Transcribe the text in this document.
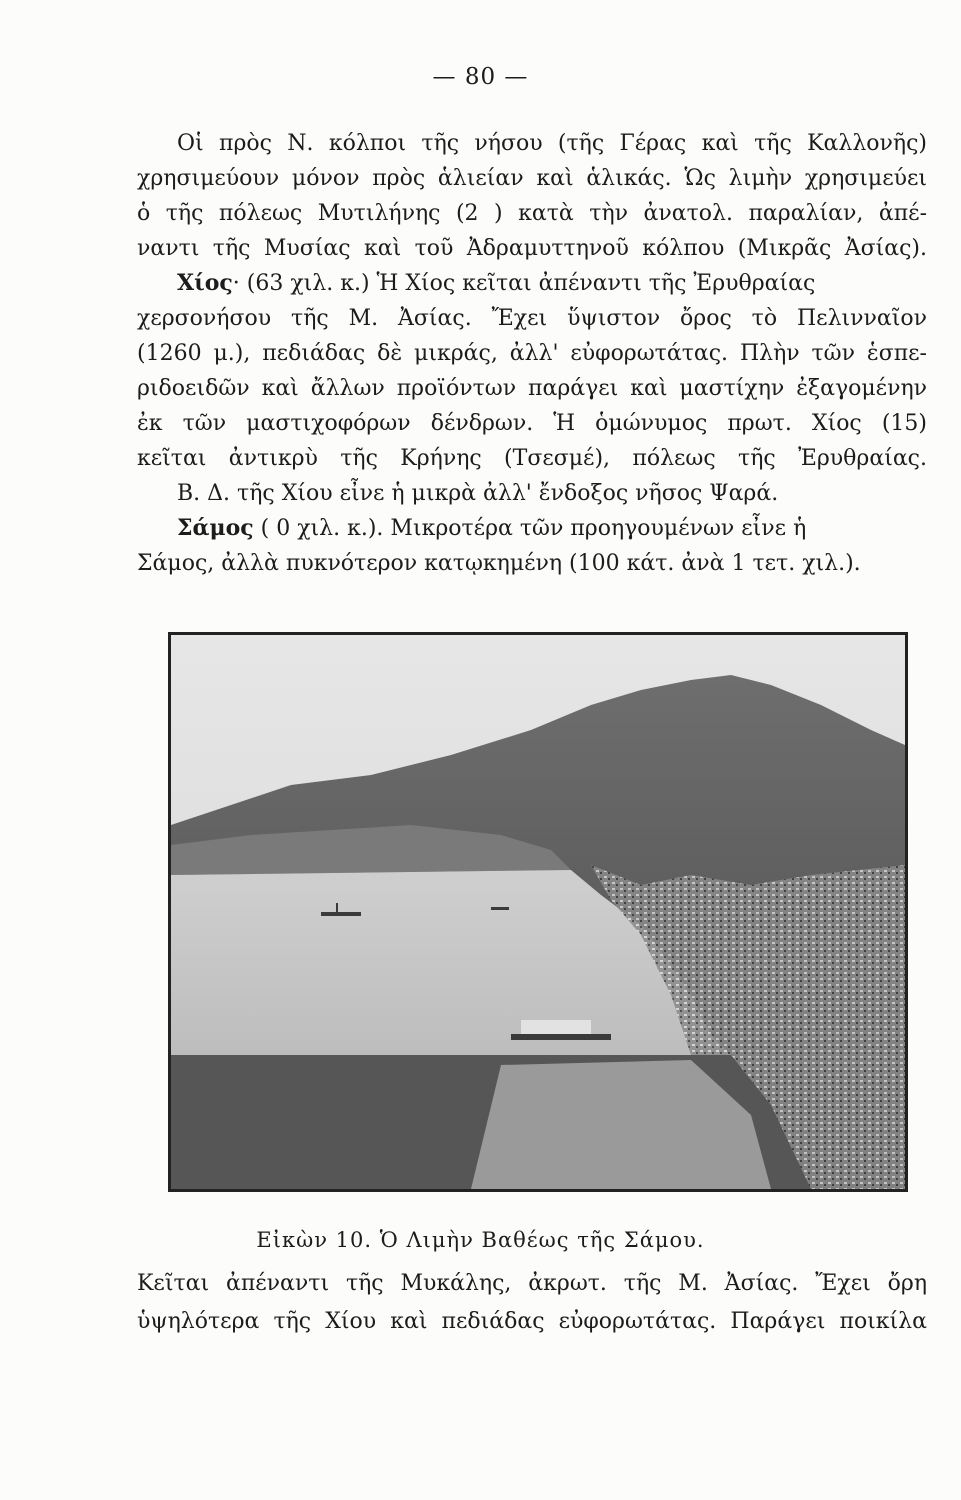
— 80 —
Οἱ πρὸς Ν. κόλποι τῆς νήσου (τῆς Γέρας καὶ τῆς Καλλονῆς)
χρησιμεύουν μόνον πρὸς ἁλιείαν καὶ ἁλικάς. Ὡς λιμὴν χρησιμεύει
ὁ τῆς πόλεως Μυτιλήνης (2 ) κατὰ τὴν ἀνατολ. παραλίαν, ἀπέ-
ναντι τῆς Μυσίας καὶ τοῦ Ἀδραμυττηνοῦ κόλπου (Μικρᾶς Ἀσίας).
Χίος· (63 χιλ. κ.) Ἡ Χίος κεῖται ἀπέναντι τῆς Ἐρυθραίας
χερσονήσου τῆς Μ. Ἀσίας. Ἔχει ὕψιστον ὄρος τὸ Πελινναῖον
(1260 μ.), πεδιάδας δὲ μικράς, ἀλλ' εὐφορωτάτας. Πλὴν τῶν ἑσπε-
ριδοειδῶν καὶ ἄλλων προϊόντων παράγει καὶ μαστίχην ἐξαγομένην
ἐκ τῶν μαστιχοφόρων δένδρων. Ἡ ὁμώνυμος πρωτ. Χίος (15)
κεῖται ἀντικρὺ τῆς Κρήνης (Τσεσμέ), πόλεως τῆς Ἐρυθραίας.
Β. Δ. τῆς Χίου εἶνε ἡ μικρὰ ἀλλ' ἔνδοξος νῆσος Ψαρά.
Σάμος ( 0 χιλ. κ.). Μικροτέρα τῶν προηγουμένων εἶνε ἡ
Σάμος, ἀλλὰ πυκνότερον κατῳκημένη (100 κάτ. ἀνὰ 1 τετ. χιλ.).
Εἰκὼν 10. Ὁ Λιμὴν Βαθέως τῆς Σάμου.
Κεῖται ἀπέναντι τῆς Μυκάλης, ἀκρωτ. τῆς Μ. Ἀσίας. Ἔχει ὄρη
ὑψηλότερα τῆς Χίου καὶ πεδιάδας εὐφορωτάτας. Παράγει ποικίλα
